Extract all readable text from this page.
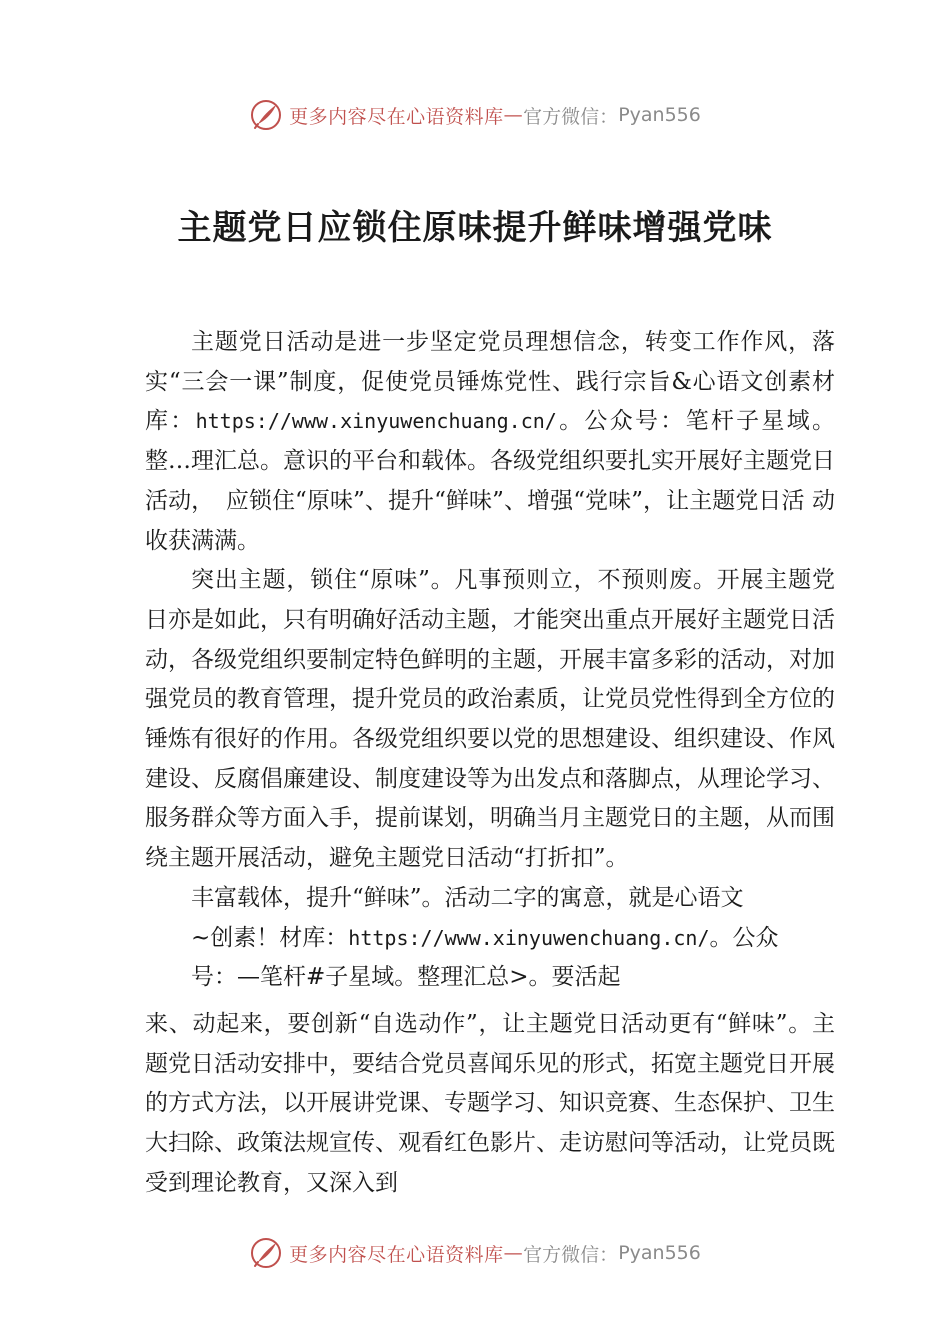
更多内容尽在心语资料库 — 官方微信： Pyan556
主题党日应锁住原味提升鲜味增强党味

主题党日活动是进一步坚定党员理想信念，转变工作作风，落实“三会一课”制度，促使党员锤炼党性、践行宗旨&心语文创素材库：https://www.xinyuwenchuang.cn/。公众号：笔杆子星域。整…理汇总。意识的平台和载体。各级党组织要扎实开展好主题党日活动，　应锁住“原味”、提升“鲜味”、增强“党味”，让主题党日活 动收获满满。

突出主题，锁住“原味”。凡事预则立，不预则废。开展主题党日亦是如此，只有明确好活动主题，才能突出重点开展好主题党日活动，各级党组织要制定特色鲜明的主题，开展丰富多彩的活动，对加强党员的教育管理，提升党员的政治素质，让党员党性得到全方位的锤炼有很好的作用。各级党组织要以党的思想建设、组织建设、作风建设、反腐倡廉建设、制度建设等为出发点和落脚点，从理论学习、服务群众等方面入手，提前谋划，明确当月主题党日的主题，从而围绕主题开展活动，避免主题党日活动“打折扣”。

丰富载体，提升“鲜味”。活动二字的寓意，就是心语文
~创素！材库：https://www.xinyuwenchuang.cn/。公众
号：—笔杆#子星域。整理汇总>。要活起

来、动起来，要创新“自选动作”，让主题党日活动更有“鲜味”。主题党日活动安排中，要结合党员喜闻乐见的形式，拓宽主题党日开展的方式方法，以开展讲党课、专题学习、知识竞赛、生态保护、卫生大扫除、政策法规宣传、观看红色影片、走访慰问等活动，让党员既受到理论教育，又深入到

更多内容尽在心语资料库 — 官方微信： Pyan556
